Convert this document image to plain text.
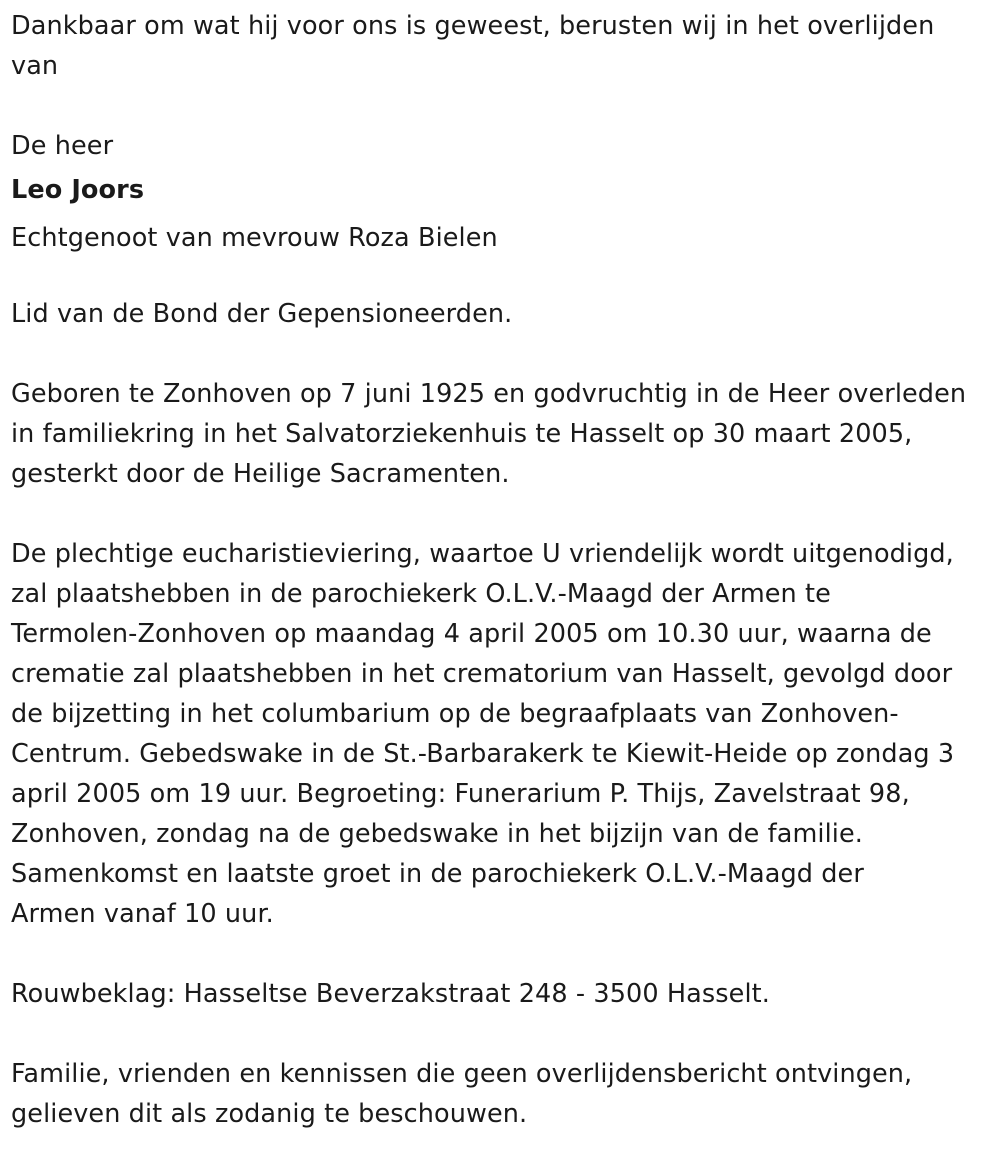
Dankbaar om wat hij voor ons is geweest, berusten wij in het overlijden
van
De heer
Leo Joors
Echtgenoot van mevrouw Roza Bielen
Lid van de Bond der Gepensioneerden.
Geboren te Zonhoven op 7 juni 1925 en godvruchtig in de Heer overleden
in familiekring in het Salvatorziekenhuis te Hasselt op 30 maart 2005,
gesterkt door de Heilige Sacramenten.
De plechtige eucharistieviering, waartoe U vriendelijk wordt uitgenodigd,
zal plaatshebben in de parochiekerk O.L.V.-Maagd der Armen te
Termolen-Zonhoven op maandag 4 april 2005 om 10.30 uur, waarna de
crematie zal plaatshebben in het crematorium van Hasselt, gevolgd door
de bijzetting in het columbarium op de begraafplaats van Zonhoven-
Centrum. Gebedswake in de St.-Barbarakerk te Kiewit-Heide op zondag 3
april 2005 om 19 uur. Begroeting: Funerarium P. Thijs, Zavelstraat 98,
Zonhoven, zondag na de gebedswake in het bijzijn van de familie.
Samenkomst en laatste groet in de parochiekerk O.L.V.-Maagd der
Armen vanaf 10 uur.
Rouwbeklag: Hasseltse Beverzakstraat 248 - 3500 Hasselt.
Familie, vrienden en kennissen die geen overlijdensbericht ontvingen,
gelieven dit als zodanig te beschouwen.
